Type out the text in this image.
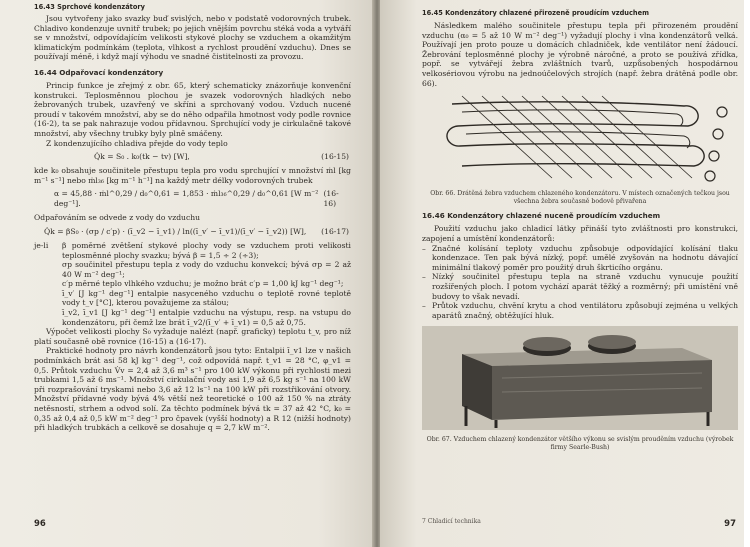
16.43 Sprchové kondenzátory

Jsou vytvořeny jako svazky buď svislých, nebo v podstatě vodorovných trubek. Chladivo kondenzuje uvnitř trubek; po jejich vnějším povrchu stéká voda a vytváří se v množství, odpovídajícím velikosti stykové plochy se vzduchem a okamžitým klimatickým podmínkám (teplota, vlhkost a rychlost proudění vzduchu). Dnes se používají méně, i když mají výhodu ve snadné čistitelnosti za provozu.

16.44 Odpařovací kondenzátory

Princip funkce je zřejmý z obr. 65, který schematicky znázorňuje konvenční konstrukci. Teplosměnnou plochou je svazek vodorovných hladkých nebo žebrovaných trubek, uzavřený ve skříni a sprchovaný vodou. Vzduch nucené proudí v takovém množství, aby se do něho odpařila hmotnost vody podle rovnice (16-2), ta se pak nahrazuje vodou přídavnou. Sprchující vody je cirkulačně takové množství, aby všechny trubky byly plně smáčeny.

Z kondenzujícího chladiva přejde do vody teplo

Q̇k = S₀ . k₀(tk − tv) [W],	(16-15)

kde k₀ obsahuje součinitele přestupu tepla pro vodu sprchující v množství ṁl [kg m⁻¹ s⁻¹] nebo ṁl₃₆ [kg m⁻¹ h⁻¹] na každý metr délky vodorovných trubek

α = 45,88 · ṁl^0,29 / d₀^0,61 = 1,853 · ṁl₃₆^0,29 / d₀^0,61 [W m⁻² deg⁻¹].
(16-16)

Odpařováním se odvede z vody do vzduchu

Q̇k = βS₀ · (σp / c′p) · (ī_v2 − ī_v1) / ln((ī_v′ − ī_v1)/(ī_v′ − ī_v2)) [W], (16-17)
je-li	β poměrné zvětšení stykové plochy vody se vzduchem proti velikosti teplosměnné plochy svazku; bývá β = 1,5 ÷ 2 (÷3);

σp součinitel přestupu tepla z vody do vzduchu konvekcí; bývá σp = 2 až 40 W m⁻² deg⁻¹;

c′p měrné teplo vlhkého vzduchu; je možno brát c′p = 1,00 kJ kg⁻¹ deg⁻¹;

ī_v′ [J kg⁻¹ deg⁻¹] entalpie nasyceného vzduchu o teplotě rovné teplotě vody t_v [°C], kterou považujeme za stálou;

ī_v2, ī_v1 [J kg⁻¹ deg⁻¹] entalpie vzduchu na výstupu, resp. na vstupu do kondenzátoru, při čemž lze brát ī_v2/(ī_v′ + ī_v1) = 0,5 až 0,75.

Výpočet velikosti plochy S₀ vyžaduje nalézt (např. graficky) teplotu t_v, pro níž platí současně obě rovnice (16-15) a (16-17).

Praktické hodnoty pro návrh kondenzátorů jsou tyto: Entalpii ī_v1 lze v našich podmínkách brát asi 58 kJ kg⁻¹ deg⁻¹, což odpovídá např. t_v1 = 28 °C, φ_v1 = 0,5. Průtok vzduchu V̇v = 2,4 až 3,6 m³ s⁻¹ pro 100 kW výkonu při rychlosti mezi trubkami 1,5 až 6 ms⁻¹. Množství cirkulační vody asi 1,9 až 6,5 kg s⁻¹ na 100 kW při rozprašování tryskami nebo 3,6 až 12 ls⁻¹ na 100 kW při rozstřikování otvory. Množství přídavné vody bývá 4% větší než teoretické o 100 až 150 % na ztráty netěsností, strhem a odvod solí. Za těchto podmínek bývá tk = 37 až 42 °C, k₀ = 0,35 až 0,4 až 0,5 kW m⁻² deg⁻¹ pro čpavek (vyšší hodnoty) a R 12 (nižší hodnoty) při hladkých trubkách a celkově se dosahuje q = 2,7 kW m⁻².

96
16.45 Kondenzátory chlazené přirozeně proudícím vzduchem

Následkem malého součinitele přestupu tepla při přirozeném proudění vzduchu (α₀ = 5 až 10 W m⁻² deg⁻¹) vyžadují plochy i vlna kondenzátorů velká. Používají jen proto pouze u domácích chladniček, kde ventilátor není žádoucí. Žebrování teplosměnné plochy je výrobně náročné, a proto se používá zřídka, popř. se vytvářejí žebra zvláštních tvarů, uzpůsobených hospodárnou velkosériovou výrobu na jednoúčelových strojích (např. žebra drátěná podle obr. 66).

Obr. 66. Drátěná žebra vzduchem chlazeného kondenzátoru. V místech označených tečkou jsou všechna žebra současně bodově přivařena

16.46 Kondenzátory chlazené nuceně proudícím vzduchem

Použití vzduchu jako chladicí látky přináší tyto zvláštnosti pro konstrukci, zapojení a umístění kondenzátorů:

– Značné kolísání teploty vzduchu způsobuje odpovídající kolísání tlaku kondenzace. Ten pak bývá nízký, popř. umělé zvyšován na hodnotu dávající minimální tlakový poměr pro použitý druh škrticího orgánu.

– Nízký součinitel přestupu tepla na straně vzduchu vynucuje použití rozšířených ploch. I potom vychází aparát těžký a rozměrný; při umístění vně budovy to však nevadí.

– Průtok vzduchu, chvění krytu a chod ventilátoru způsobují zejména u velkých aparátů značný, obtěžující hluk.

Obr. 67. Vzduchem chlazený kondenzátor většího výkonu se svislým prouděním vzduchu (výrobek firmy Searle-Bush)

7 Chladicí technika	97
